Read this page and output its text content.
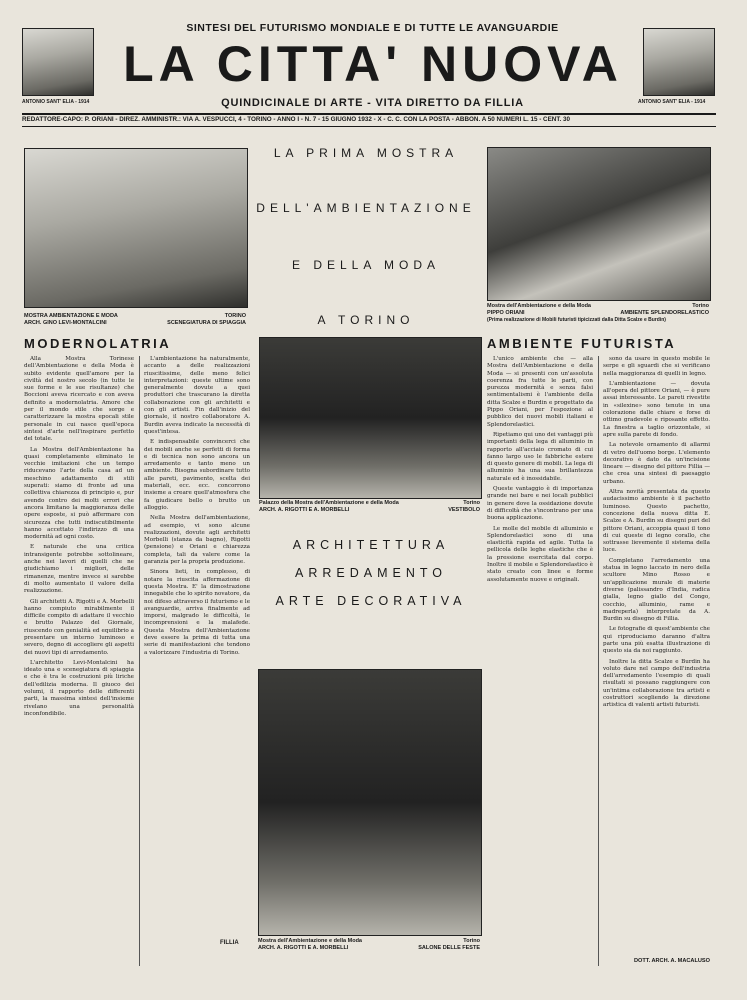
ANTONIO SANT' ELIA - 1914	ANTONIO SANT' ELIA - 1914
SINTESI DEL FUTURISMO MONDIALE E DI TUTTE LE AVANGUARDIE
LA CITTA' NUOVA
QUINDICINALE DI ARTE - VITA DIRETTO DA FILLIA
REDATTORE-CAPO: P. ORIANI - DIREZ. AMMINISTR.: VIA A. VESPUCCI, 4 - TORINO - ANNO I - N. 7 - 15 GIUGNO 1932 - X - C. C. CON LA POSTA - ABBON. A 50 NUMERI L. 15 - CENT. 30
MOSTRA AMBIENTAZIONE E MODA
ARCH. GINO LEVI-MONTALCINI
TORINO
SCENEGIATURA DI SPIAGGIA
LA PRIMA MOSTRA
DELL'AMBIENTAZIONE
E DELLA MODA
A TORINO
Mostra dell'Ambientazione e della Moda
PIPPO ORIANI
(Prima realizzazione di Mobili futuristi tipicizzati dalla Ditta Scalze e Burdin)
Torino
AMBIENTE SPLENDORELASTICO
MODERNOLATRIA	AMBIENTE FUTURISTA
Palazzo della Mostra dell'Ambientazione e della Moda
ARCH. A. RIGOTTI E A. MORBELLI
Torino
VESTIBOLO
ARCHITETTURA
ARREDAMENTO
ARTE DECORATIVA
Mostra dell'Ambientazione e della Moda
ARCH. A. RIGOTTI E A. MORBELLI
Torino
SALONE DELLE FESTE

Alla Mostra Torinese dell'Ambientazione e della Moda è subito evidente quell'amore per la civiltà del nostro secolo (in tutte le sue forme e le sue risultanze) che Boccioni aveva ricercato e con aveva definito a modernolatria. Amore che per il mondo stile che sorge e caratterizzare la mostra epocali stile personale in cui nasce quell'epoca sintesi d'arte nell'inspirare perfetto del totale.

La Mostra dell'Ambientazione ha quasi completamente eliminato le vecchie imitazioni che un tempo riducevano l'arte della casa ad un meschino adattamento di stili superati: siamo di fronte ad una collettiva chiarezza di principio e, pur avendo contro dei molti errori che ancora limitano la maggioranza delle opere esposte, si può affermare con sicurezza che tutti indiscutibilmente hanno accettato l'indirizzo di una modernità ad ogni costo.

E naturale che una critica intransigente potrebbe sottolineare, anche nei lavori di quelli che ne giudichiamo i migliori, delle rimanenze, mentre invece si sarebbe di molto aumentato il valore della realizzazione.

Gli architetti A. Rigotti e A. Morbelli hanno compiuto mirabilmente il difficile compito di adattare il vecchio e brutto Palazzo del Giornale, riuscendo con genialità ed equilibrio a presentare un interno luminoso e severo, degno di accogliere gli aspetti dei nuovi tipi di arredamento.

L'architetto Levi-Montalcini ha ideato una e scenegiatura di spiaggia e che è tra le costruzioni più liriche dell'edilizia moderna. Il giuoco dei volumi, il rapporto delle differenti parti, la massima sintesi dell'insieme rivelano una personalità inconfondibile.

L'ambientazione ha naturalmente, accanto a delle realizzazioni riuscitissime, delle meno felici interpretazioni: queste ultime sono generalmente dovute a quei produttori che trascurano la diretta collaborazione con gli architetti e con gli artisti. Fin dall'inizio del giornale, il nostro collaboratore A. Burdin aveva indicato la necessità di quest'intesa.

E indispensabile convincerci che dei mobili anche se perfetti di forma e di tecnica non sono ancora un arredamento e tanto meno un ambiente. Bisogna subordinare tutto alle pareti, pavimento, scelta dei materiali, ecc. ecc. concorrono insieme a creare quell'atmosfera che fa giudicare bello o brutto un alloggio.

Nella Mostra dell'ambientazione, ad esempio, vi sono alcune realizzazioni, dovute agli architetti Morbelli (stanza da bagno), Rigotti (pensione) e Oriani e chiarezza completa, tali da valere come la garanzia per la propria produzione.

Sinora lieti, in complesso, di notare la riuscita affermazione di questa Mostra. E' la dimostrazione innegabile che lo spirito novatore, da noi difeso attraverso il futurismo e le avanguardie, arriva finalmente ad imporsi, malgrado le difficoltà, le incomprensioni e la malafede. Questa Mostra dell'Ambientazione deve essere la prima di tutta una serie di manifestazioni che tendono a valorizzare l'industria di Torino.

FILLIA

L'unico ambiente che — alla Mostra dell'Ambientazione e della Moda — si presenti con un'assoluta coerenza fra tutte le parti, con purezza modernità e senza falsi sentimentalismi è l'ambiente della ditta Scalze e Burdin e progettato da Pippo Oriani, per l'espozione al pubblico dei nuovi mobili italiani e Splendorelastici.

Ripetiamo qui uno dei vantaggi più importanti della lega di alluminio in rapporto all'acciaio cromato di cui fanno largo uso le fabbriche estere di questo genere di mobili. La lega di alluminio ha una sua brillantezza naturale ed è inossidabile.

Queste vantaggio è di importanza grande nei bare e nei locali pubblici in genere dove la ossidazione dovute di difficoltà che s'incontrano per una buona applicazione.

Le molle del mobile di alluminio e Splendorelastici sono di una elasticità rapida ed agile. Tutta la pellicola delle leghe elastiche che è la pressione esercitata dal corpo. Inoltre il mobile e Splendorelastico è stato creato con linee e forme assolutamente nuove e originali.

sono da usare in questo mobile le serpe e gli sguardi che si verificano nella maggioranza di quelli in legno.

L'ambientazione — dovuta all'opera del pittore Oriani, — è pure assai interessante. Le pareti rivestite in «silexine» sono tenute in una colorazione dalle chiare e forse di ottimo gradevole e riposante effetto. La finestra a taglio orizzontale, si apre sulla parete di fondo.

La notevole ornamento di allarmi di vetro dell'uomo borge. L'elemento decorativo è dato da un'incisione lineare — disegno del pittore Fillia — che crea una sintesi di paesaggio urbano.

Altra novità presentata da questo audacissimo ambiente è il pachetto luminoso. Questo pachetto, concezione della nuova ditta E. Scalze e A. Burdin su disegni puri del pittore Oriani, accoppia quasi il tono di cui queste di legno corallo, che sottrasse lievemente il sistema della luce.

Completano l'arredamento una statua in legno laccato in nero della scultore Mino Rosso e un'applicazione murale di materie diverse (palissandro d'India, radica gialla, legno giallo del Congo, cocchio, alluminio, rame e madreperla) interpretate da A. Burdin su disegno di Fillia.

Le fotografie di quest'ambiente che qui riproduciamo daranno d'altra parte una più esatta illustrazione di questo sia da noi raggiunto.

Inoltre la ditta Scalze e Burdin ha voluto dare nel campo dell'industria dell'arredamento l'esempio di quali risultati si possano raggiungere con un'intima collaborazione tra artisti e costruttori scegliendo la direzione artistica di valenti artisti futuristi.

DOTT. ARCH. A. MACALUSO
